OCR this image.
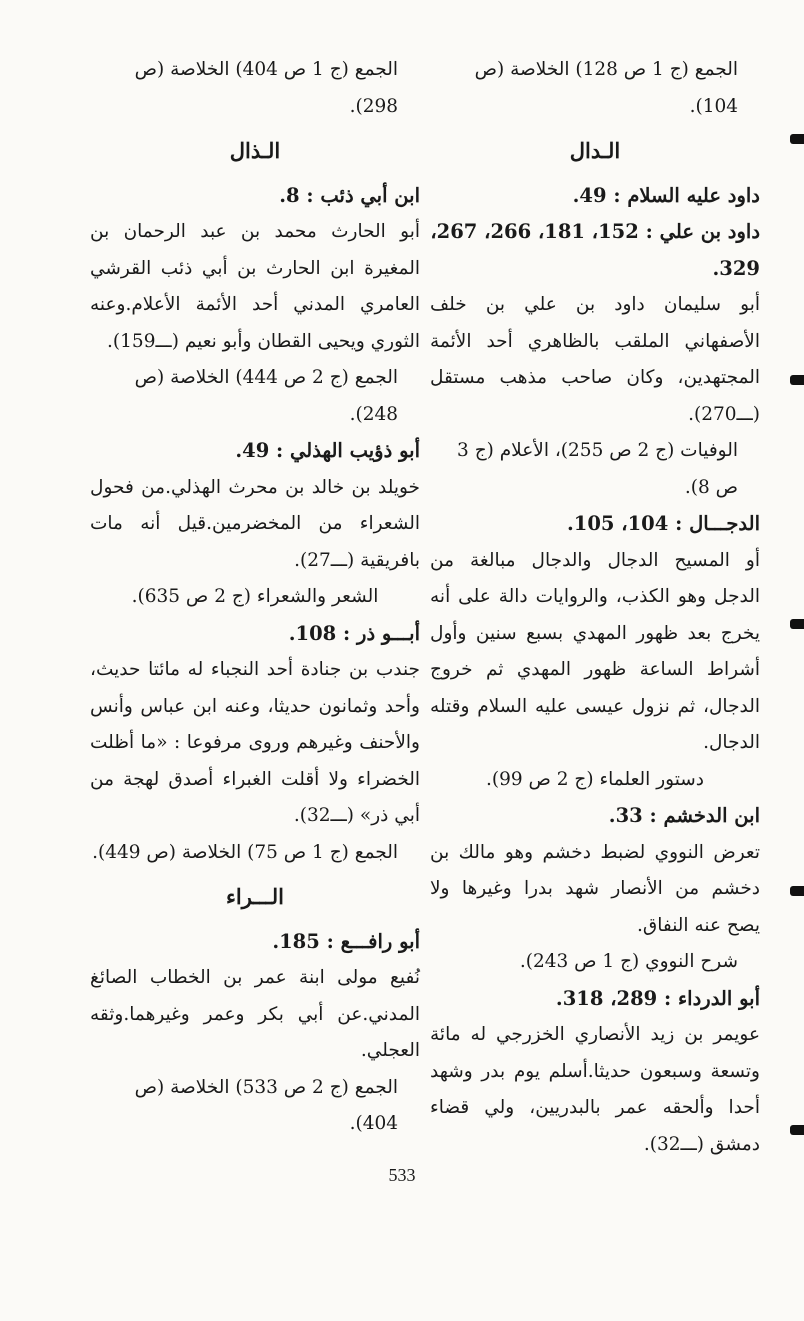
الجمع (ج 1 ص 128) الخلاصة (ص 104).

الـدال

داود عليه السلام : 49.

داود بن علي : 152، 181، 266، 267، 329.

أبو سليمان داود بن علي بن خلف الأصفهاني الملقب بالظاهري أحد الأئمة المجتهدين، وكان صاحب مذهب مستقل (ـــ270).

الوفيات (ج 2 ص 255)، الأعلام (ج 3 ص 8).

الدجـــال : 104، 105.

أو المسيح الدجال والدجال مبالغة من الدجل وهو الكذب، والروايات دالة على أنه يخرج بعد ظهور المهدي بسبع سنين وأول أشراط الساعة ظهور المهدي ثم خروج الدجال، ثم نزول عيسى عليه السلام وقتله الدجال.

دستور العلماء (ج 2 ص 99).

ابن الدخشم : 33.

تعرض النووي لضبط دخشم وهو مالك بن دخشم من الأنصار شهد بدرا وغيرها ولا يصح عنه النفاق.

شرح النووي (ج 1 ص 243).

أبو الدرداء : 289، 318.

عويمر بن زيد الأنصاري الخزرجي له مائة وتسعة وسبعون حديثا.أسلم يوم بدر وشهد أحدا وألحقه عمر بالبدريين، ولي قضاء دمشق (ـــ32).

الجمع (ج 1 ص 404) الخلاصة (ص 298).

الـذال

ابن أبي ذئب : 8.

أبو الحارث محمد بن عبد الرحمان بن المغيرة ابن الحارث بن أبي ذئب القرشي العامري المدني أحد الأئمة الأعلام.وعنه الثوري ويحيى القطان وأبو نعيم (ـــ159).

الجمع (ج 2 ص 444) الخلاصة (ص 248).

أبو ذؤيب الهذلي : 49.

خويلد بن خالد بن محرث الهذلي.من فحول الشعراء من المخضرمين.قيل أنه مات بافريقية (ـــ27).

الشعر والشعراء (ج 2 ص 635).

أبـــو ذر : 108.

جندب بن جنادة أحد النجباء له مائتا حديث، وأحد وثمانون حديثا، وعنه ابن عباس وأنس والأحنف وغيرهم وروى مرفوعا : «ما أظلت الخضراء ولا أقلت الغبراء أصدق لهجة من أبي ذر» (ـــ32).

الجمع (ج 1 ص 75) الخلاصة (ص 449).

الـــراء

أبو رافـــع : 185.

نُفيع مولى ابنة عمر بن الخطاب الصائغ المدني.عن أبي بكر وعمر وغيرهما.وثقه العجلي.

الجمع (ج 2 ص 533) الخلاصة (ص 404).

533
